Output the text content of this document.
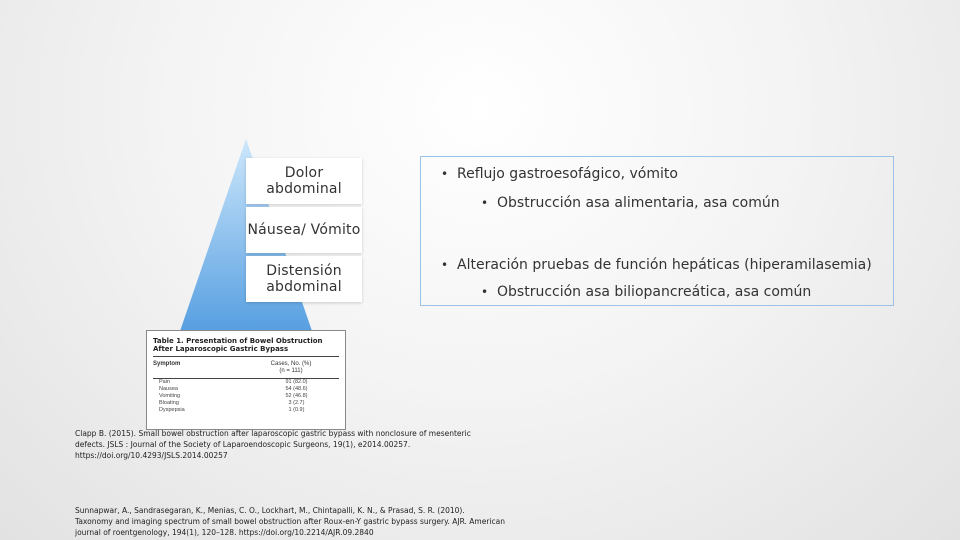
Dolor abdominal
Náusea/ Vómito
Distensión abdominal
• Reflujo gastroesofágico, vómito
• Obstrucción asa alimentaria, asa común
• Alteración pruebas de función hepáticas (hiperamilasemia)
• Obstrucción asa biliopancreática, asa común
Table 1. Presentation of Bowel Obstruction
After Laparoscopic Gastric Bypass
Symptom	Cases, No. (%)
(n = 111)
Pain	91 (82.0)
Nausea	54 (48.6)
Vomiting	52 (46.8)
Bloating	3 (2.7)
Dyspepsia	1 (0.9)
Clapp B. (2015). Small bowel obstruction after laparoscopic gastric bypass with nonclosure of mesenteric
defects. JSLS : Journal of the Society of Laparoendoscopic Surgeons, 19(1), e2014.00257.
https://doi.org/10.4293/JSLS.2014.00257
Sunnapwar, A., Sandrasegaran, K., Menias, C. O., Lockhart, M., Chintapalli, K. N., & Prasad, S. R. (2010).
Taxonomy and imaging spectrum of small bowel obstruction after Roux-en-Y gastric bypass surgery. AJR. American
journal of roentgenology, 194(1), 120–128. https://doi.org/10.2214/AJR.09.2840
